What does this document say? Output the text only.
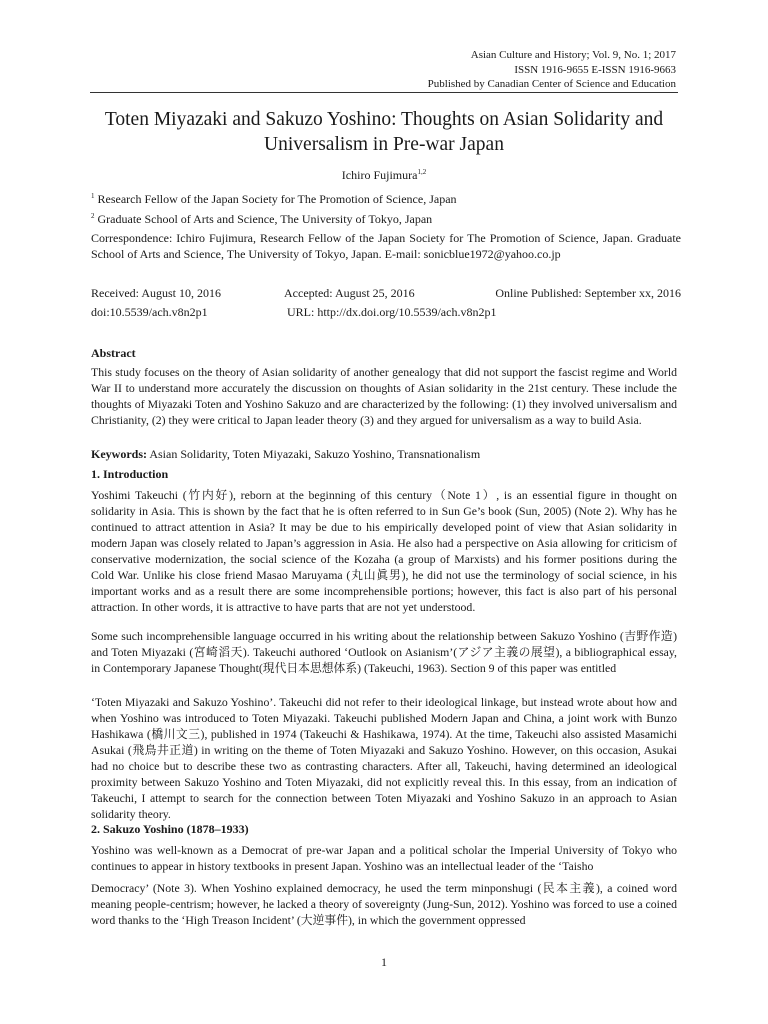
Asian Culture and History; Vol. 9, No. 1; 2017
ISSN 1916-9655 E-ISSN 1916-9663
Published by Canadian Center of Science and Education
Toten Miyazaki and Sakuzo Yoshino: Thoughts on Asian Solidarity and Universalism in Pre-war Japan
Ichiro Fujimura$^{1,2}$
$^1$ Research Fellow of the Japan Society for The Promotion of Science, Japan
$^2$ Graduate School of Arts and Science, The University of Tokyo, Japan
Correspondence: Ichiro Fujimura, Research Fellow of the Japan Society for The Promotion of Science, Japan. Graduate School of Arts and Science, The University of Tokyo, Japan. E-mail: sonicblue1972@yahoo.co.jp
Received: August 10, 2016	Accepted: August 25, 2016	Online Published: September xx, 2016
doi:10.5539/ach.v8n2p1	URL: http://dx.doi.org/10.5539/ach.v8n2p1
Abstract

This study focuses on the theory of Asian solidarity of another genealogy that did not support the fascist regime and World War II to understand more accurately the discussion on thoughts of Asian solidarity in the 21st century. These include the thoughts of Miyazaki Toten and Yoshino Sakuzo and are characterized by the following: (1) they involved universalism and Christianity, (2) they were critical to Japan leader theory (3) and they argued for universalism as a way to build Asia.

Keywords: Asian Solidarity, Toten Miyazaki, Sakuzo Yoshino, Transnationalism
1. Introduction

Yoshimi Takeuchi (竹内好), reborn at the beginning of this century（Note 1）, is an essential figure in thought on solidarity in Asia. This is shown by the fact that he is often referred to in Sun Ge’s book (Sun, 2005) (Note 2). Why has he continued to attract attention in Asia? It may be due to his empirically developed point of view that Asian solidarity in modern Japan was closely related to Japan’s aggression in Asia. He also had a perspective on Asia allowing for criticism of conservative modernization, the social science of the Kozaha (a group of Marxists) and his former positions during the Cold War. Unlike his close friend Masao Maruyama (丸山眞男), he did not use the terminology of social science, in his important works and as a result there are some incomprehensible portions; however, this fact is also part of his personal attraction. In other words, it is attractive to have parts that are not yet understood.

Some such incomprehensible language occurred in his writing about the relationship between Sakuzo Yoshino (吉野作造) and Toten Miyazaki (宮崎滔天). Takeuchi authored ‘Outlook on Asianism’(アジア主義の展望), a bibliographical essay, in Contemporary Japanese Thought(現代日本思想体系) (Takeuchi, 1963). Section 9 of this paper was entitled

‘Toten Miyazaki and Sakuzo Yoshino’. Takeuchi did not refer to their ideological linkage, but instead wrote about how and when Yoshino was introduced to Toten Miyazaki. Takeuchi published Modern Japan and China, a joint work with Bunzo Hashikawa (橋川文三), published in 1974 (Takeuchi & Hashikawa, 1974). At the time, Takeuchi also assisted Masamichi Asukai (飛鳥井正道) in writing on the theme of Toten Miyazaki and Sakuzo Yoshino. However, on this occasion, Asukai had no choice but to describe these two as contrasting characters. After all, Takeuchi, having determined an ideological proximity between Sakuzo Yoshino and Toten Miyazaki, did not explicitly reveal this. In this essay, from an indication of Takeuchi, I attempt to search for the connection between Toten Miyazaki and Yoshino Sakuzo in an approach to Asian solidarity theory.

2. Sakuzo Yoshino (1878–1933)

Yoshino was well-known as a Democrat of pre-war Japan and a political scholar the Imperial University of Tokyo who continues to appear in history textbooks in present Japan. Yoshino was an intellectual leader of the ‘Taisho

Democracy’ (Note 3). When Yoshino explained democracy, he used the term minponshugi (民本主義), a coined word meaning people-centrism; however, he lacked a theory of sovereignty (Jung-Sun, 2012). Yoshino was forced to use a coined word thanks to the ‘High Treason Incident’ (大逆事件), in which the government oppressed

1
